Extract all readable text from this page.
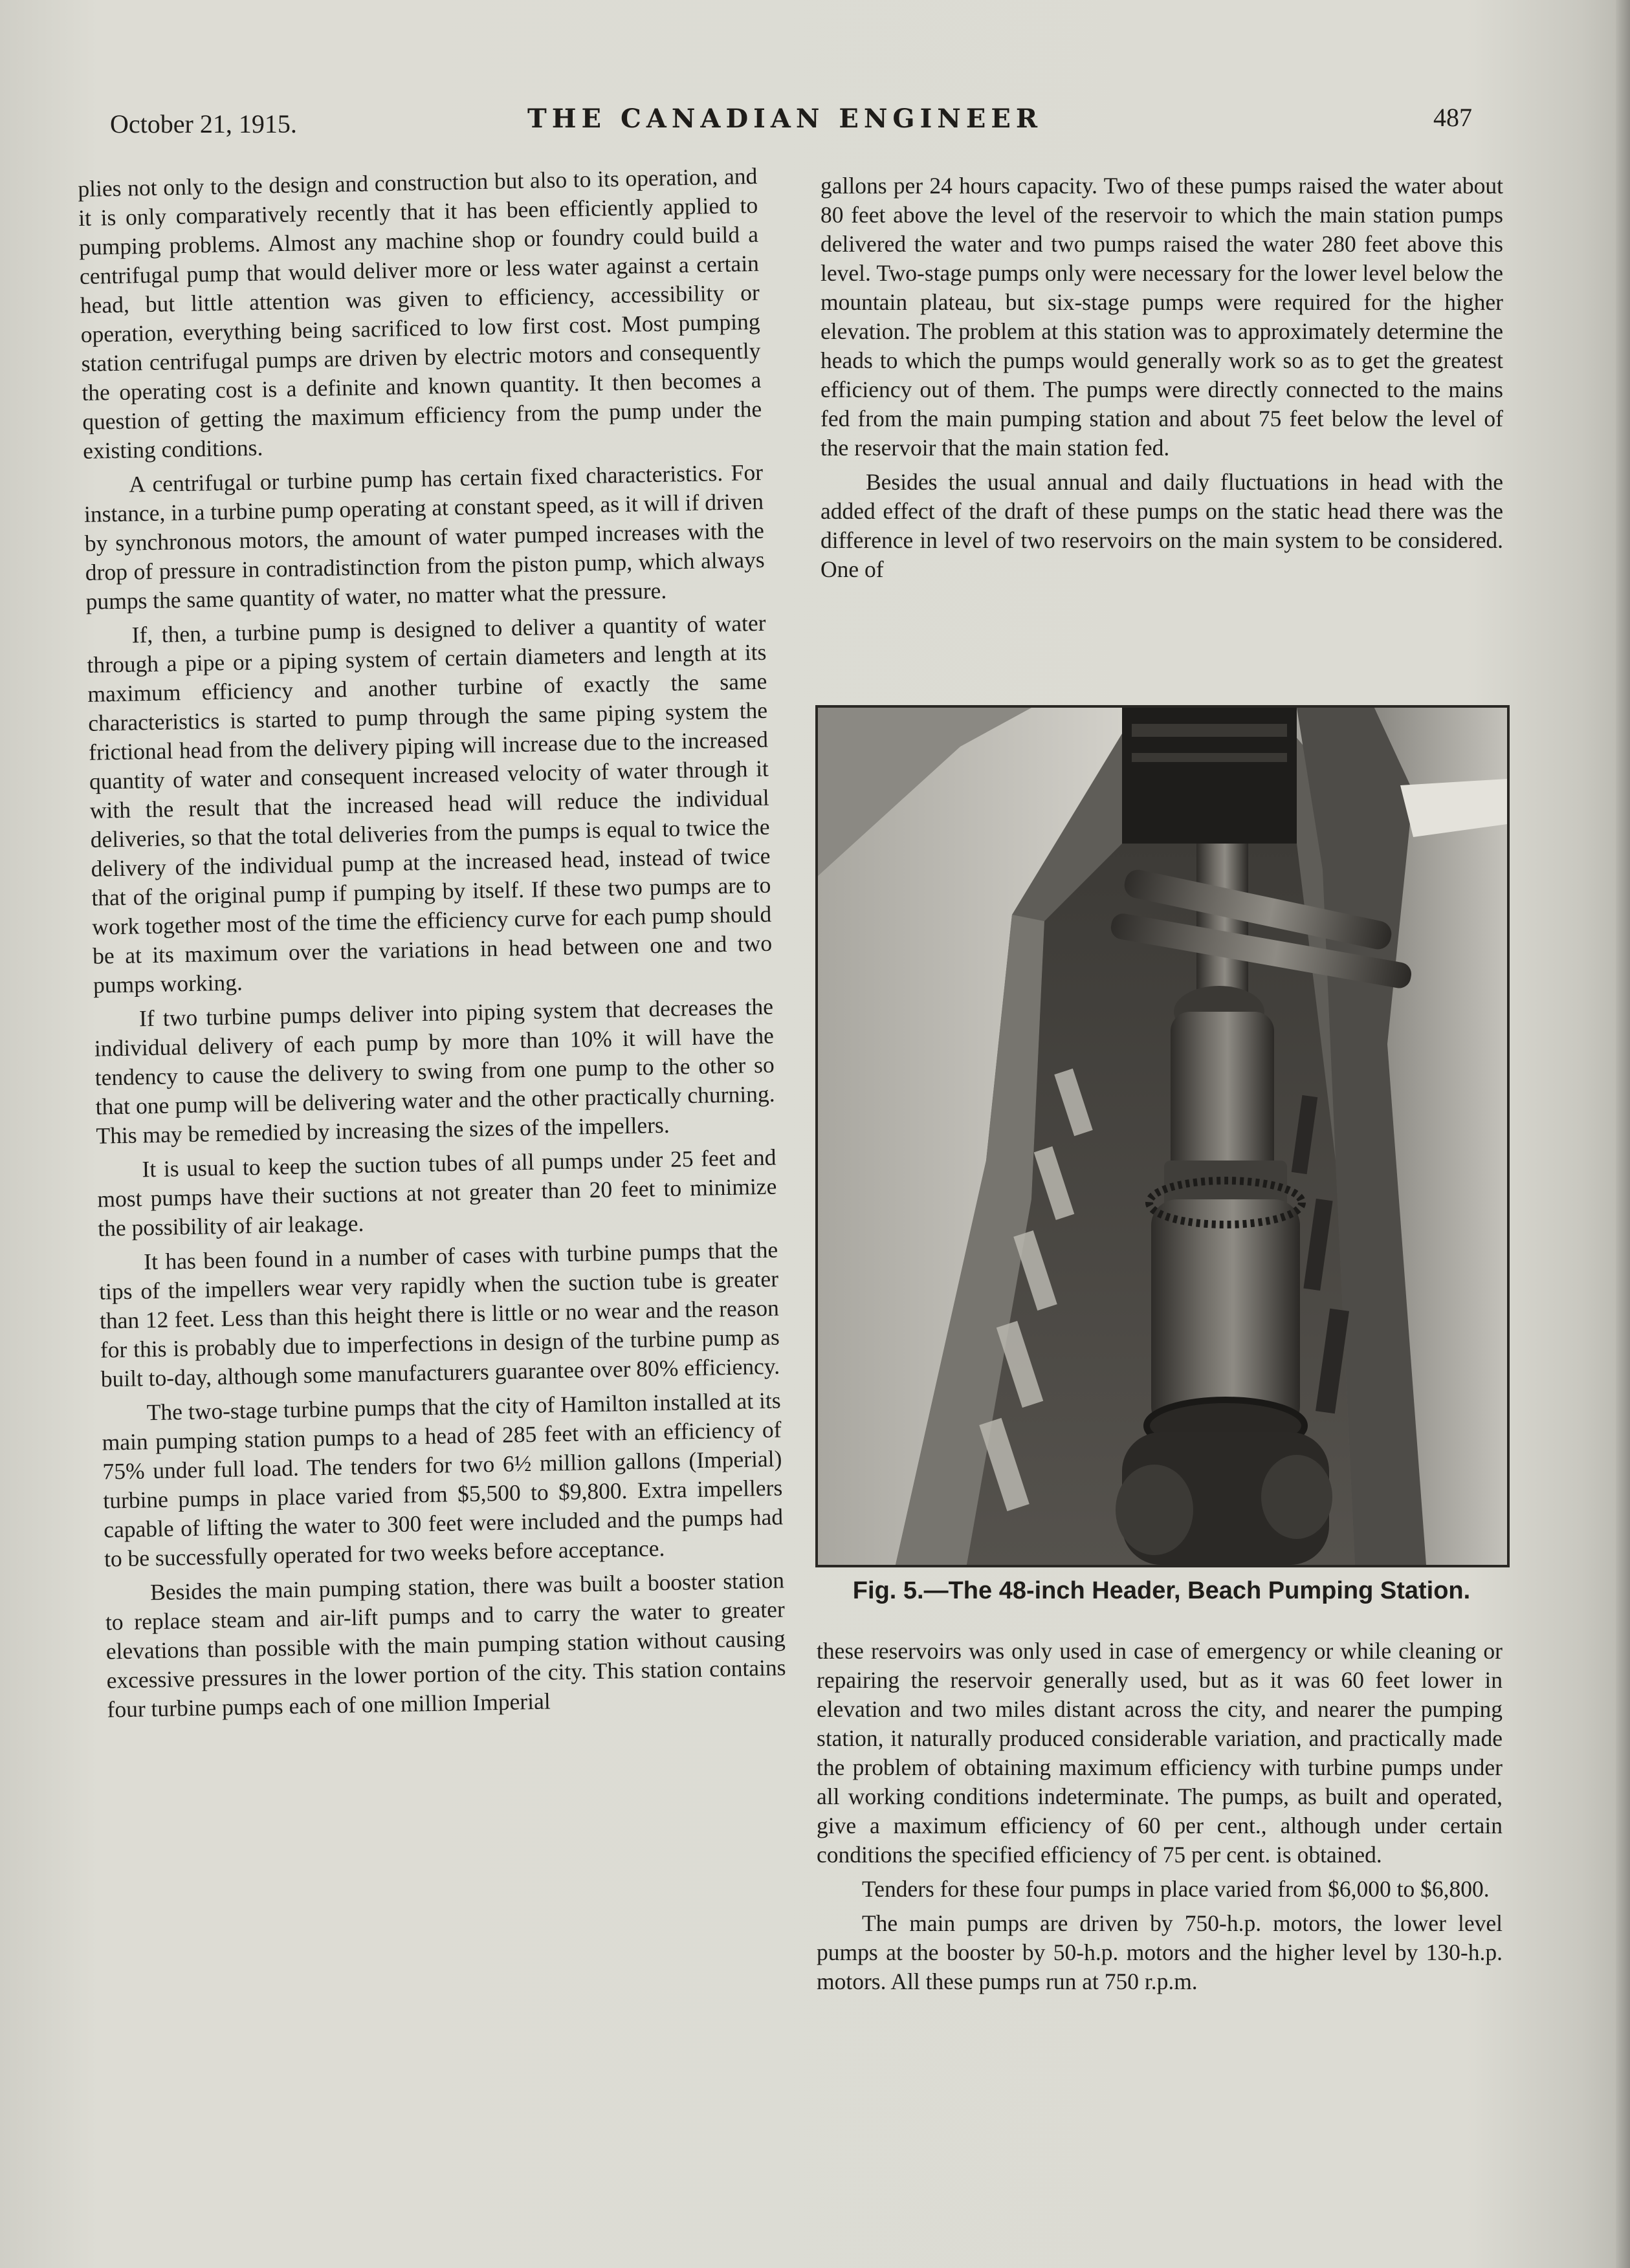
October 21, 1915.	THE CANADIAN ENGINEER	487

plies not only to the design and construction but also to its operation, and it is only comparatively recently that it has been efficiently applied to pumping problems. Almost any machine shop or foundry could build a centrifugal pump that would deliver more or less water against a certain head, but little attention was given to efficiency, accessibility or operation, everything being sacrificed to low first cost. Most pumping station centrifugal pumps are driven by electric motors and consequently the operating cost is a definite and known quantity. It then becomes a question of getting the maximum efficiency from the pump under the existing conditions.

A centrifugal or turbine pump has certain fixed characteristics. For instance, in a turbine pump operating at constant speed, as it will if driven by synchronous motors, the amount of water pumped increases with the drop of pressure in contradistinction from the piston pump, which always pumps the same quantity of water, no matter what the pressure.

If, then, a turbine pump is designed to deliver a quantity of water through a pipe or a piping system of certain diameters and length at its maximum efficiency and another turbine of exactly the same characteristics is started to pump through the same piping system the frictional head from the delivery piping will increase due to the increased quantity of water and consequent increased velocity of water through it with the result that the increased head will reduce the individual deliveries, so that the total deliveries from the pumps is equal to twice the delivery of the individual pump at the increased head, instead of twice that of the original pump if pumping by itself. If these two pumps are to work together most of the time the efficiency curve for each pump should be at its maximum over the variations in head between one and two pumps working.

If two turbine pumps deliver into piping system that decreases the individual delivery of each pump by more than 10% it will have the tendency to cause the delivery to swing from one pump to the other so that one pump will be delivering water and the other practically churning. This may be remedied by increasing the sizes of the impellers.

It is usual to keep the suction tubes of all pumps under 25 feet and most pumps have their suctions at not greater than 20 feet to minimize the possibility of air leakage.

It has been found in a number of cases with turbine pumps that the tips of the impellers wear very rapidly when the suction tube is greater than 12 feet. Less than this height there is little or no wear and the reason for this is probably due to imperfections in design of the turbine pump as built to-day, although some manufacturers guarantee over 80% efficiency.

The two-stage turbine pumps that the city of Hamilton installed at its main pumping station pumps to a head of 285 feet with an efficiency of 75% under full load. The tenders for two 6½ million gallons (Imperial) turbine pumps in place varied from $5,500 to $9,800. Extra impellers capable of lifting the water to 300 feet were included and the pumps had to be successfully operated for two weeks before acceptance.

Besides the main pumping station, there was built a booster station to replace steam and air-lift pumps and to carry the water to greater elevations than possible with the main pumping station without causing excessive pressures in the lower portion of the city. This station contains four turbine pumps each of one million Imperial

gallons per 24 hours capacity. Two of these pumps raised the water about 80 feet above the level of the reservoir to which the main station pumps delivered the water and two pumps raised the water 280 feet above this level. Two-stage pumps only were necessary for the lower level below the mountain plateau, but six-stage pumps were required for the higher elevation. The problem at this station was to approximately determine the heads to which the pumps would generally work so as to get the greatest efficiency out of them. The pumps were directly connected to the mains fed from the main pumping station and about 75 feet below the level of the reservoir that the main station fed.

Besides the usual annual and daily fluctuations in head with the added effect of the draft of these pumps on the static head there was the difference in level of two reservoirs on the main system to be considered. One of

Fig. 5.—The 48-inch Header, Beach Pumping Station.

these reservoirs was only used in case of emergency or while cleaning or repairing the reservoir generally used, but as it was 60 feet lower in elevation and two miles distant across the city, and nearer the pumping station, it naturally produced considerable variation, and practically made the problem of obtaining maximum efficiency with turbine pumps under all working conditions indeterminate. The pumps, as built and operated, give a maximum efficiency of 60 per cent., although under certain conditions the specified efficiency of 75 per cent. is obtained.

Tenders for these four pumps in place varied from $6,000 to $6,800.

The main pumps are driven by 750-h.p. motors, the lower level pumps at the booster by 50-h.p. motors and the higher level by 130-h.p. motors. All these pumps run at 750 r.p.m.
